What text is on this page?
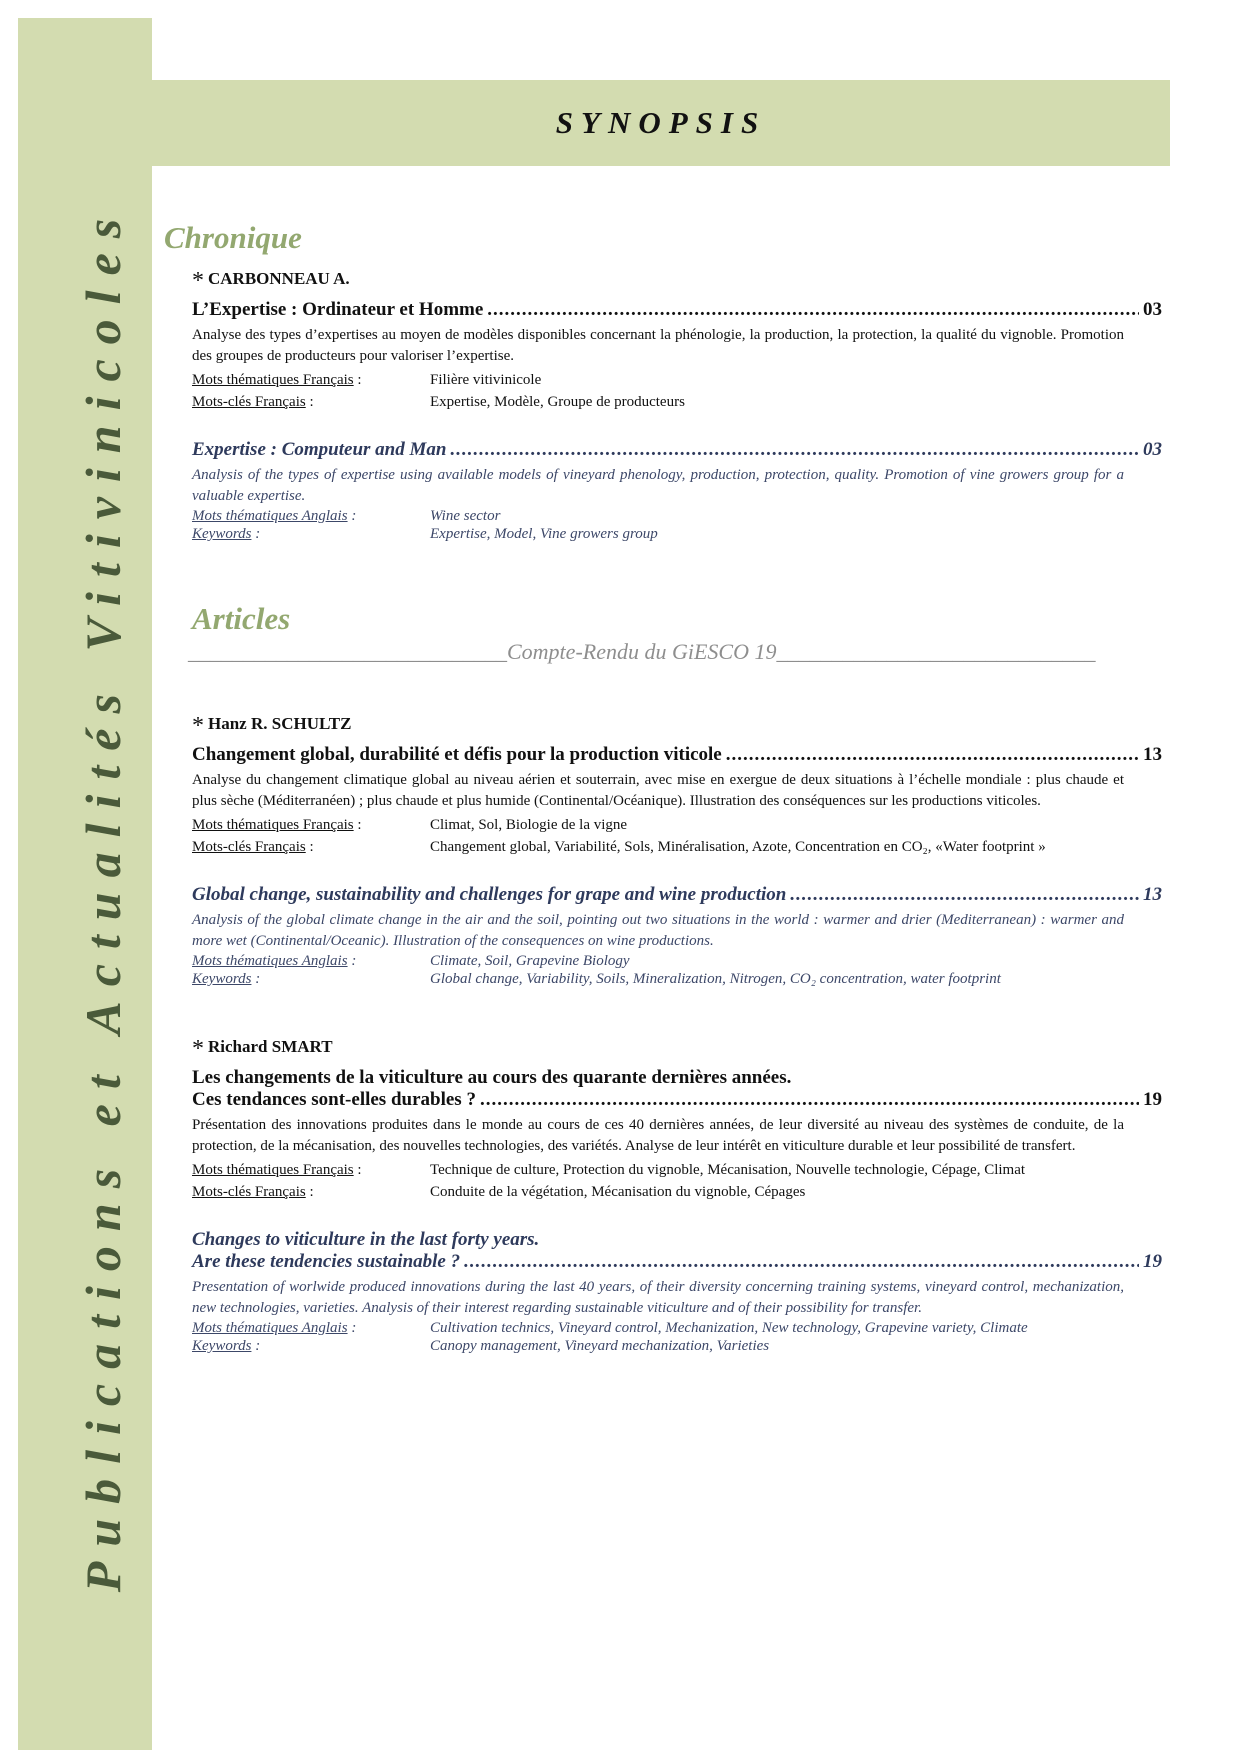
Publications et Actualités Vitivinicoles
SYNOPSIS
Chronique
* CARBONNEAU A.
L’Expertise : Ordinateur et Homme .....	03
Analyse des types d’expertises au moyen de modèles disponibles concernant la phénologie, la production, la protection, la qualité du vignoble. Promotion des groupes de producteurs pour valoriser l’expertise.
Mots thématiques Français :	Filière vitivinicole
Mots-clés Français :	Expertise, Modèle, Groupe de producteurs
Expertise : Computeur and Man .....	03
Analysis of the types of expertise using available models of vineyard phenology, production, protection, quality. Promotion of vine growers group for a valuable expertise.
Mots thématiques Anglais :	Wine sector
Keywords :	Expertise, Model, Vine growers group
Articles
_____________________________Compte-Rendu du GiESCO 19_____________________________
* Hanz R. SCHULTZ
Changement global, durabilité et défis pour la production viticole .....	13
Analyse du changement climatique global au niveau aérien et souterrain, avec mise en exergue de deux situations à l’échelle mondiale : plus chaude et plus sèche (Méditerranéen) ; plus chaude et plus humide (Continental/Océanique). Illustration des conséquences sur les productions viticoles.
Mots thématiques Français :	Climat, Sol, Biologie de la vigne
Mots-clés Français :	Changement global, Variabilité, Sols, Minéralisation, Azote, Concentration en CO₂, «Water footprint »
Global change, sustainability and challenges for grape and wine production .....	13
Analysis of the global climate change in the air and the soil, pointing out two situations in the world : warmer and drier (Mediterranean) : warmer and more wet (Continental/Oceanic). Illustration of the consequences on wine productions.
Mots thématiques Anglais :	Climate, Soil, Grapevine Biology
Keywords :	Global change, Variability, Soils, Mineralization, Nitrogen, CO₂ concentration, water footprint
* Richard SMART
Les changements de la viticulture au cours des quarante dernières années.
Ces tendances sont-elles durables ? .....	19
Présentation des innovations produites dans le monde au cours de ces 40 dernières années, de leur diversité au niveau des systèmes de conduite, de la protection, de la mécanisation, des nouvelles technologies, des variétés. Analyse de leur intérêt en viticulture durable et leur possibilité de transfert.
Mots thématiques Français :	Technique de culture, Protection du vignoble, Mécanisation, Nouvelle technologie, Cépage, Climat
Mots-clés Français :	Conduite de la végétation, Mécanisation du vignoble, Cépages
Changes to viticulture in the last forty years.
Are these tendencies sustainable ? .....	19
Presentation of worlwide produced innovations during the last 40 years, of their diversity concerning training systems, vineyard control, mechanization, new technologies, varieties. Analysis of their interest regarding sustainable viticulture and of their possibility for transfer.
Mots thématiques Anglais :	Cultivation technics, Vineyard control, Mechanization, New technology, Grapevine variety, Climate
Keywords :	Canopy management, Vineyard mechanization, Varieties
